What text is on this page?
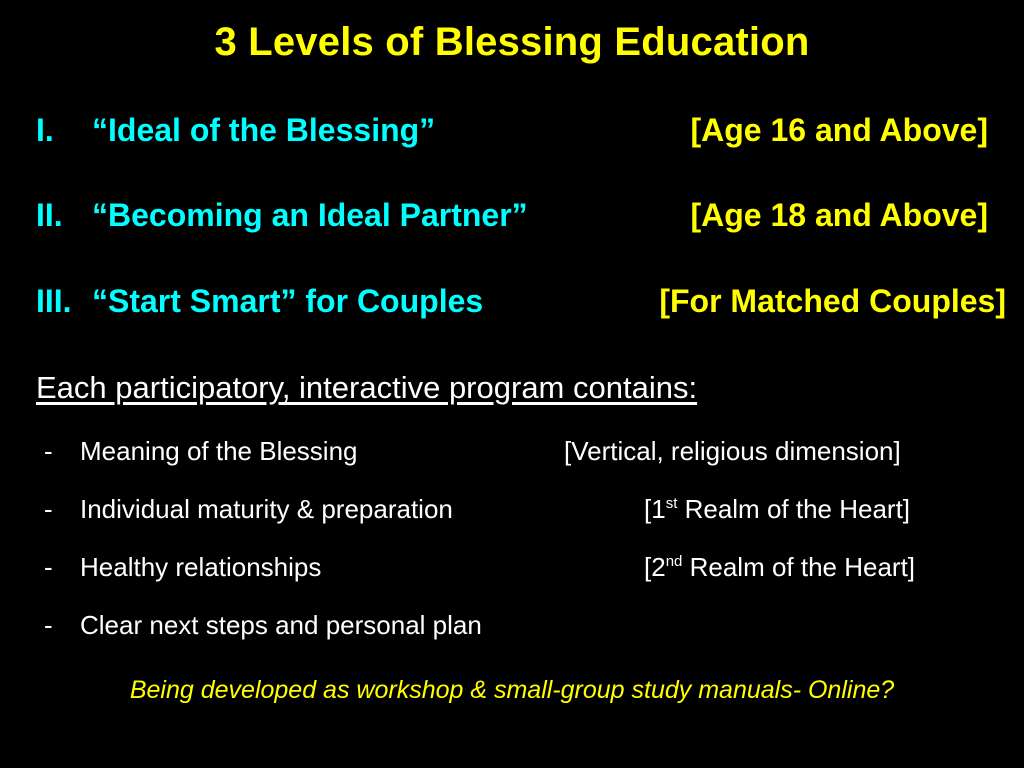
3 Levels of Blessing Education
I. “Ideal of the Blessing”	[Age 16 and Above]
II. “Becoming an Ideal Partner”	[Age 18 and Above]
III. “Start Smart” for Couples	[For Matched Couples]
Each participatory, interactive program contains:
- Meaning of the Blessing	[Vertical, religious dimension]
- Individual maturity & preparation	[1st Realm of the Heart]
- Healthy relationships	[2nd Realm of the Heart]
- Clear next steps and personal plan
Being developed as workshop & small-group study manuals- Online?
